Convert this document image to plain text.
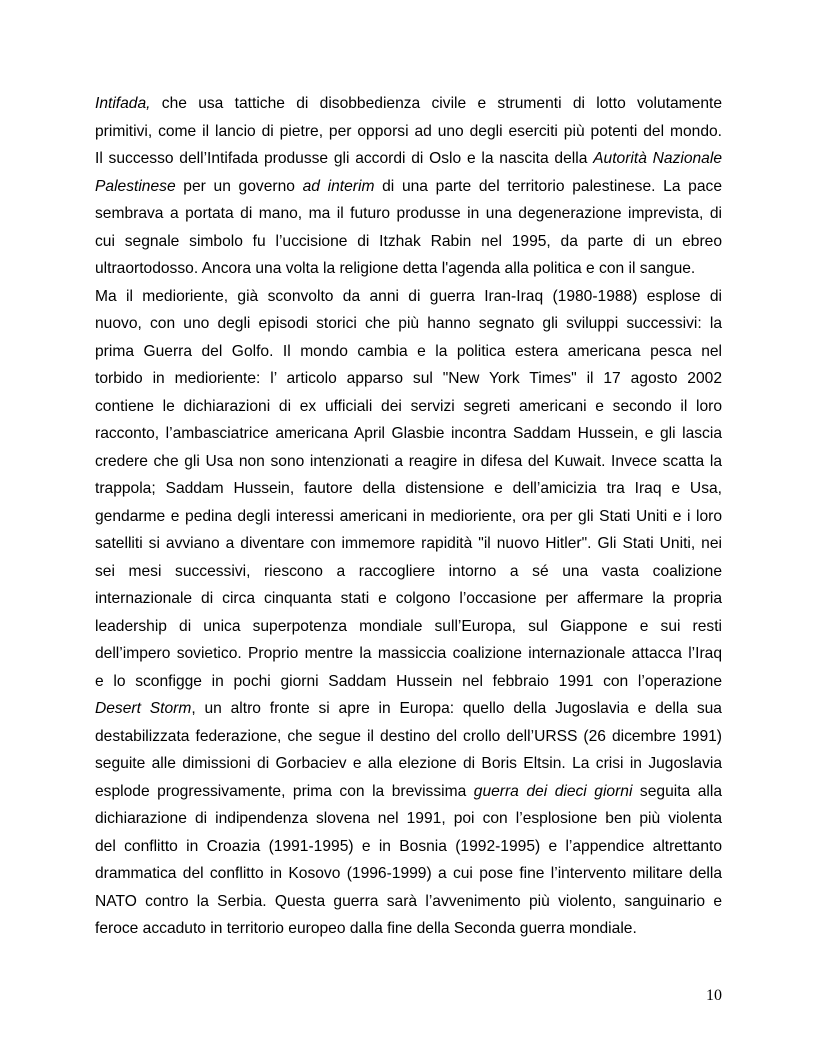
Intifada, che usa tattiche di disobbedienza civile e strumenti di lotto volutamente
primitivi, come il lancio di pietre, per opporsi ad uno degli eserciti più potenti del mondo.
Il successo dell’Intifada produsse gli accordi di Oslo e la nascita della Autorità Nazionale
Palestinese per un governo ad interim di una parte del territorio palestinese. La pace
sembrava a portata di mano, ma il futuro produsse in una degenerazione imprevista, di
cui segnale simbolo fu l’uccisione di Itzhak Rabin nel 1995, da parte di un ebreo
ultraortodosso. Ancora una volta la religione detta l'agenda alla politica e con il sangue.
Ma il medioriente, già sconvolto da anni di guerra Iran-Iraq (1980-1988) esplose di
nuovo, con uno degli episodi storici che più hanno segnato gli sviluppi successivi: la
prima Guerra del Golfo. Il mondo cambia e la politica estera americana pesca nel
torbido in medioriente: l’ articolo apparso sul "New York Times" il 17 agosto 2002
contiene le dichiarazioni di ex ufficiali dei servizi segreti americani e secondo il loro
racconto, l’ambasciatrice americana April Glasbie incontra Saddam Hussein, e gli lascia
credere che gli Usa non sono intenzionati a reagire in difesa del Kuwait. Invece scatta la
trappola; Saddam Hussein, fautore della distensione e dell’amicizia tra Iraq e Usa,
gendarme e pedina degli interessi americani in medioriente, ora per gli Stati Uniti e i loro
satelliti si avviano a diventare con immemore rapidità "il nuovo Hitler". Gli Stati Uniti, nei
sei mesi successivi, riescono a raccogliere intorno a sé una vasta coalizione
internazionale di circa cinquanta stati e colgono l’occasione per affermare la propria
leadership di unica superpotenza mondiale sull’Europa, sul Giappone e sui resti
dell’impero sovietico. Proprio mentre la massiccia coalizione internazionale attacca l’Iraq
e lo sconfigge in pochi giorni Saddam Hussein nel febbraio 1991 con l’operazione
Desert Storm, un altro fronte si apre in Europa: quello della Jugoslavia e della sua
destabilizzata federazione, che segue il destino del crollo dell’URSS (26 dicembre 1991)
seguite alle dimissioni di Gorbaciev e alla elezione di Boris Eltsin. La crisi in Jugoslavia
esplode progressivamente, prima con la brevissima guerra dei dieci giorni seguita alla
dichiarazione di indipendenza slovena nel 1991, poi con l’esplosione ben più violenta
del conflitto in Croazia (1991-1995) e in Bosnia (1992-1995) e l’appendice altrettanto
drammatica del conflitto in Kosovo (1996-1999) a cui pose fine l’intervento militare della
NATO contro la Serbia. Questa guerra sarà l’avvenimento più violento, sanguinario e
feroce accaduto in territorio europeo dalla fine della Seconda guerra mondiale.
10
